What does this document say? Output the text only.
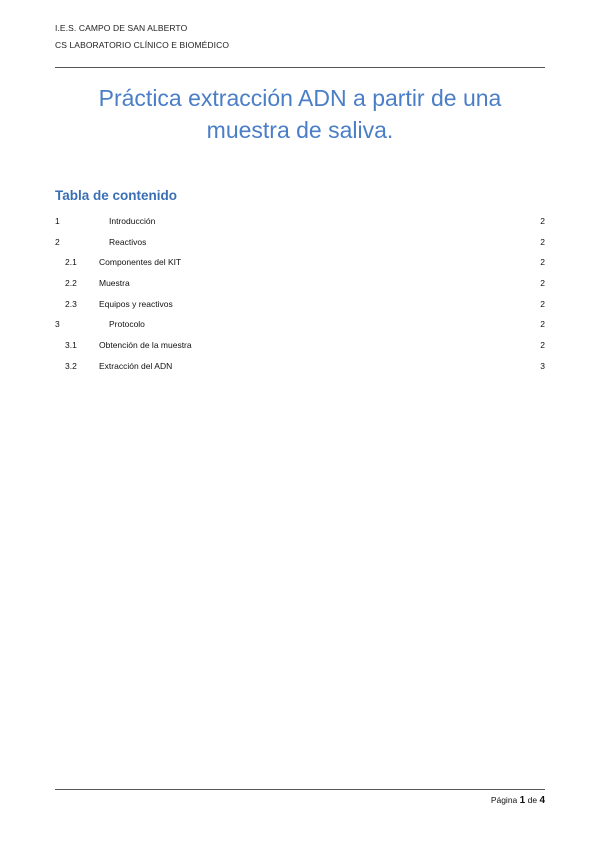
I.E.S. CAMPO DE SAN ALBERTO
CS LABORATORIO CLÍNICO E BIOMÉDICO
Práctica extracción ADN a partir de una
muestra de saliva.
Tabla de contenido
1	Introducción	2
2	Reactivos	2
2.1	Componentes del KIT	2
2.2	Muestra	2
2.3	Equipos y reactivos	2
3	Protocolo	2
3.1	Obtención de la muestra	2
3.2	Extracción del ADN	3
Página 1 de 4
